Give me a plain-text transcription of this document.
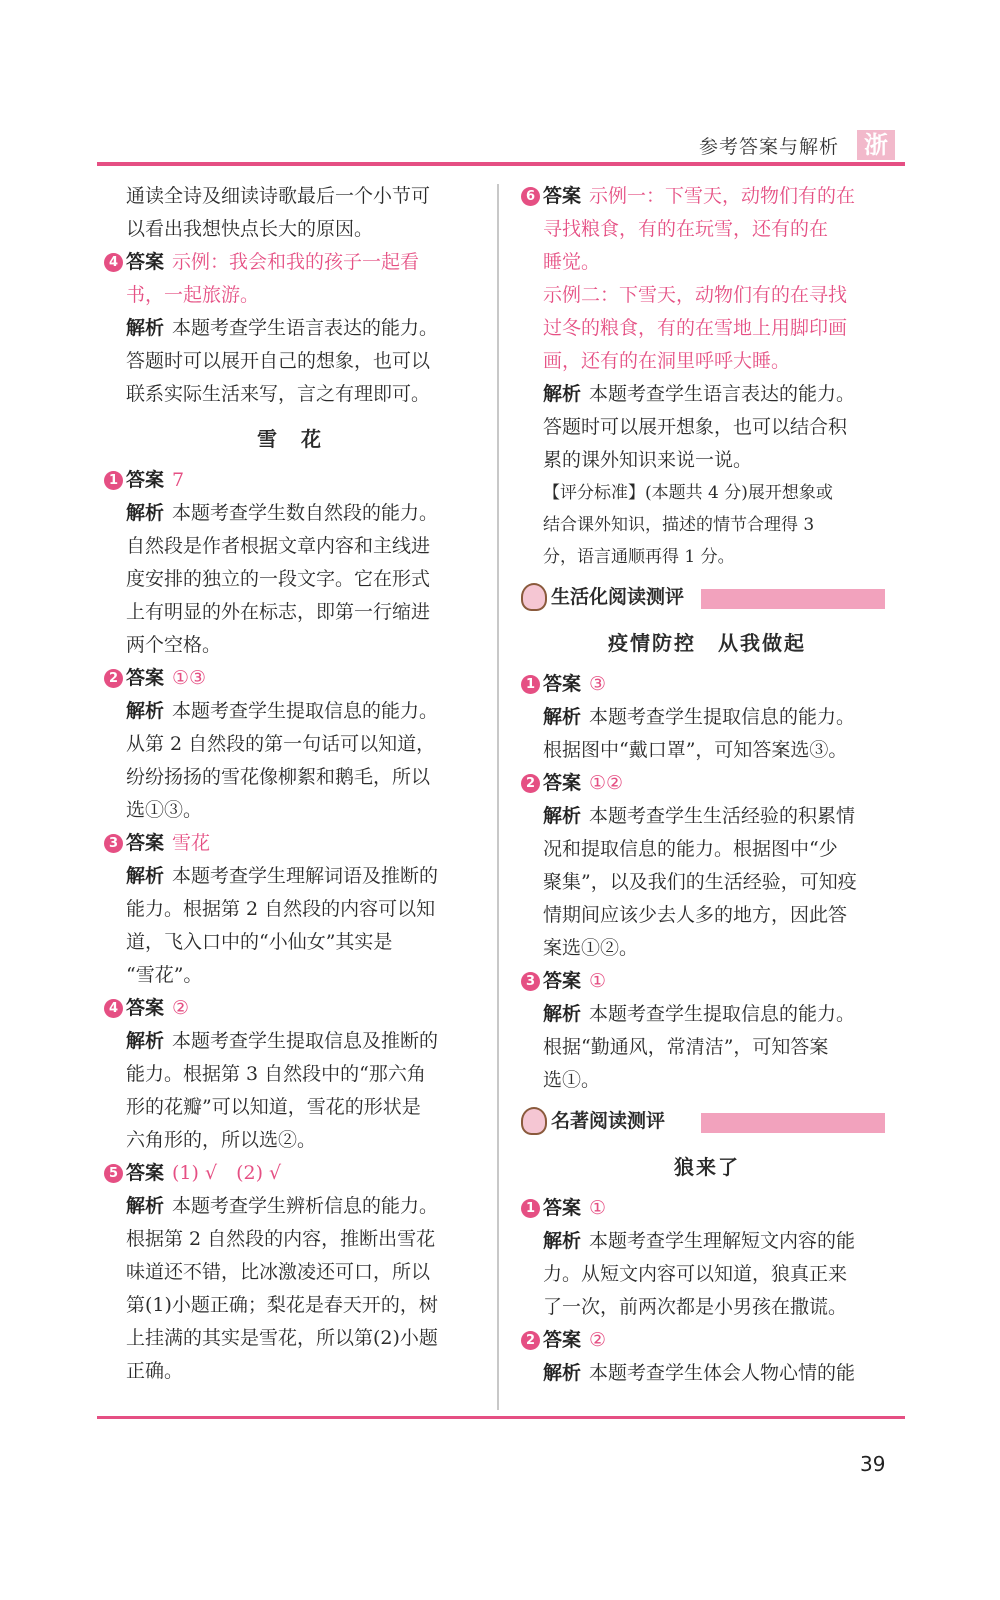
参考答案与解析 浙
通读全诗及细读诗歌最后一个小节可
以看出我想快点长大的原因。
4 答案 示例：我会和我的孩子一起看
书，一起旅游。
解析 本题考查学生语言表达的能力。
答题时可以展开自己的想象，也可以
联系实际生活来写，言之有理即可。
雪　花
1 答案 7
解析 本题考查学生数自然段的能力。
自然段是作者根据文章内容和主线进
度安排的独立的一段文字。它在形式
上有明显的外在标志，即第一行缩进
两个空格。
2 答案 ①③
解析 本题考查学生提取信息的能力。
从第 2 自然段的第一句话可以知道，
纷纷扬扬的雪花像柳絮和鹅毛，所以
选①③。
3 答案 雪花
解析 本题考查学生理解词语及推断的
能力。根据第 2 自然段的内容可以知
道，飞入口中的“小仙女”其实是
“雪花”。
4 答案 ②
解析 本题考查学生提取信息及推断的
能力。根据第 3 自然段中的“那六角
形的花瓣”可以知道，雪花的形状是
六角形的，所以选②。
5 答案 (1) √　(2) √
解析 本题考查学生辨析信息的能力。
根据第 2 自然段的内容，推断出雪花
味道还不错，比冰激凌还可口，所以
第(1)小题正确；梨花是春天开的，树
上挂满的其实是雪花，所以第(2)小题
正确。
6 答案 示例一：下雪天，动物们有的在
寻找粮食，有的在玩雪，还有的在
睡觉。
示例二：下雪天，动物们有的在寻找
过冬的粮食，有的在雪地上用脚印画
画，还有的在洞里呼呼大睡。
解析 本题考查学生语言表达的能力。
答题时可以展开想象，也可以结合积
累的课外知识来说一说。
【评分标准】(本题共 4 分)展开想象或
结合课外知识，描述的情节合理得 3
分，语言通顺再得 1 分。
生活化阅读测评
疫情防控　从我做起
1 答案 ③
解析 本题考查学生提取信息的能力。
根据图中“戴口罩”，可知答案选③。
2 答案 ①②
解析 本题考查学生生活经验的积累情
况和提取信息的能力。根据图中“少
聚集”，以及我们的生活经验，可知疫
情期间应该少去人多的地方，因此答
案选①②。
3 答案 ①
解析 本题考查学生提取信息的能力。
根据“勤通风，常清洁”，可知答案
选①。
名著阅读测评
狼来了
1 答案 ①
解析 本题考查学生理解短文内容的能
力。从短文内容可以知道，狼真正来
了一次，前两次都是小男孩在撒谎。
2 答案 ②
解析 本题考查学生体会人物心情的能
39
